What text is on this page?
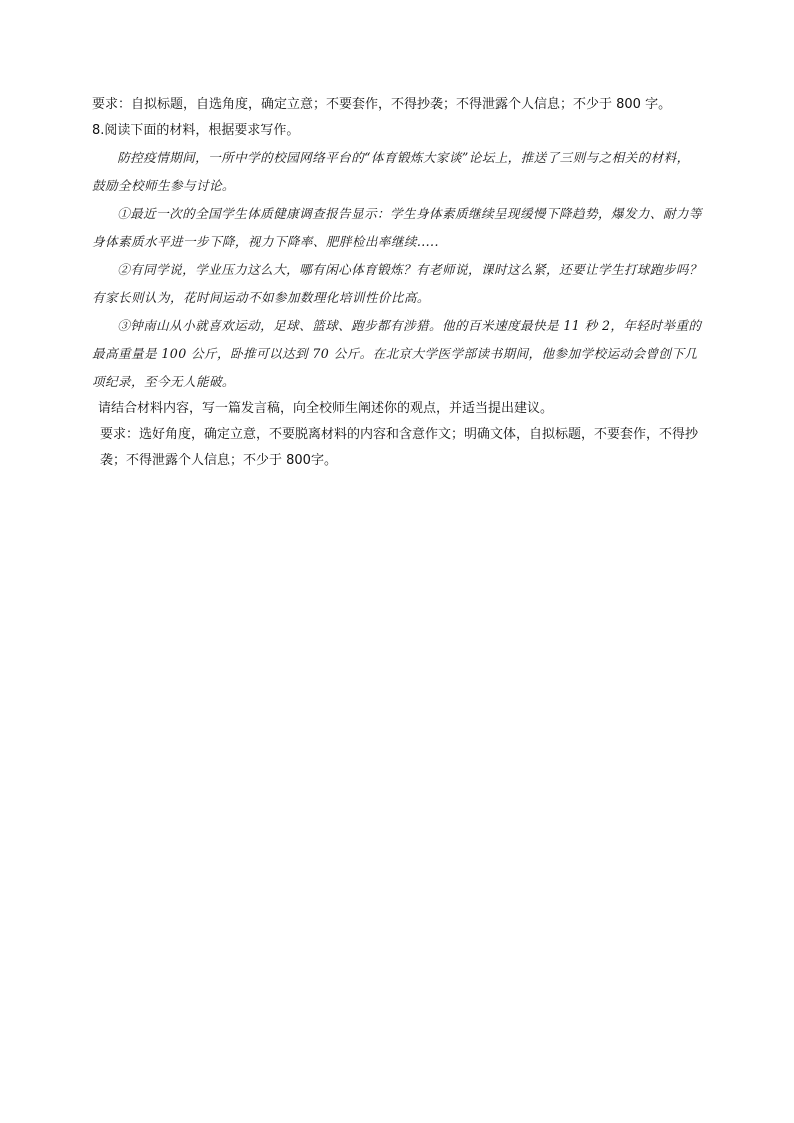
要求：自拟标题，自选角度，确定立意；不要套作，不得抄袭；不得泄露个人信息；不少于 800 字。

8.阅读下面的材料，根据要求写作。

防控疫情期间，一所中学的校园网络平台的“体育锻炼大家谈”论坛上，推送了三则与之相关的材料，鼓励全校师生参与讨论。

①最近一次的全国学生体质健康调查报告显示：学生身体素质继续呈现缓慢下降趋势，爆发力、耐力等身体素质水平进一步下降，视力下降率、肥胖检出率继续.....

②有同学说，学业压力这么大，哪有闲心体育锻炼？有老师说，课时这么紧，还要让学生打球跑步吗？有家长则认为，花时间运动不如参加数理化培训性价比高。

③钟南山从小就喜欢运动，足球、篮球、跑步都有涉猎。他的百米速度最快是 11 秒 2，年轻时举重的最高重量是 100 公斤，卧推可以达到 70 公斤。在北京大学医学部读书期间，他参加学校运动会曾创下几项纪录，至今无人能破。

请结合材料内容，写一篇发言稿，向全校师生阐述你的观点，并适当提出建议。

要求：选好角度，确定立意，不要脱离材料的内容和含意作文；明确文体，自拟标题，不要套作，不得抄袭；不得泄露个人信息；不少于 800字。
